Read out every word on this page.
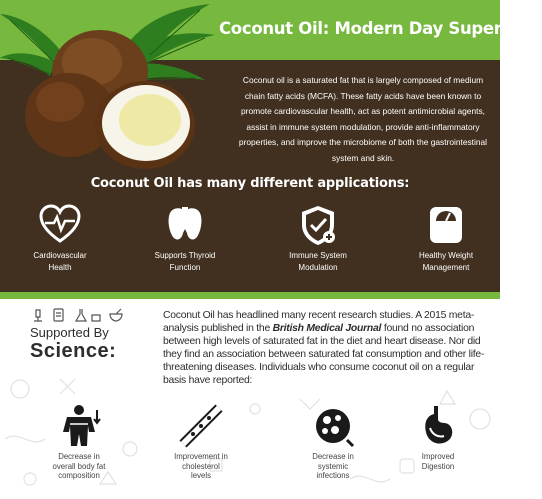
Coconut Oil: Modern Day Superfood
Coconut oil is a saturated fat that is largely composed of medium chain fatty acids (MCFA). These fatty acids have been known to promote cardiovascular health, act as potent antimicrobial agents, assist in immune system modulation, provide anti-inflammatory properties, and improve the microbiome of both the gastrointestinal system and skin.
Coconut Oil has many different applications:
Cardiovascular
Health
Supports Thyroid
Function
Immune System
Modulation
Healthy Weight
Management
Supported By
Science:
Coconut Oil has headlined many recent research studies. A 2015 meta-analysis published in the British Medical Journal found no association between high levels of saturated fat in the diet and heart disease. Nor did they find an association between saturated fat consumption and other life-threatening diseases. Individuals who consume coconut oil on a regular basis have reported:
Decrease in
overall body fat
composition
Improvement in
cholesterol
levels
Decrease in
systemic
infections
Improved
Digestion
